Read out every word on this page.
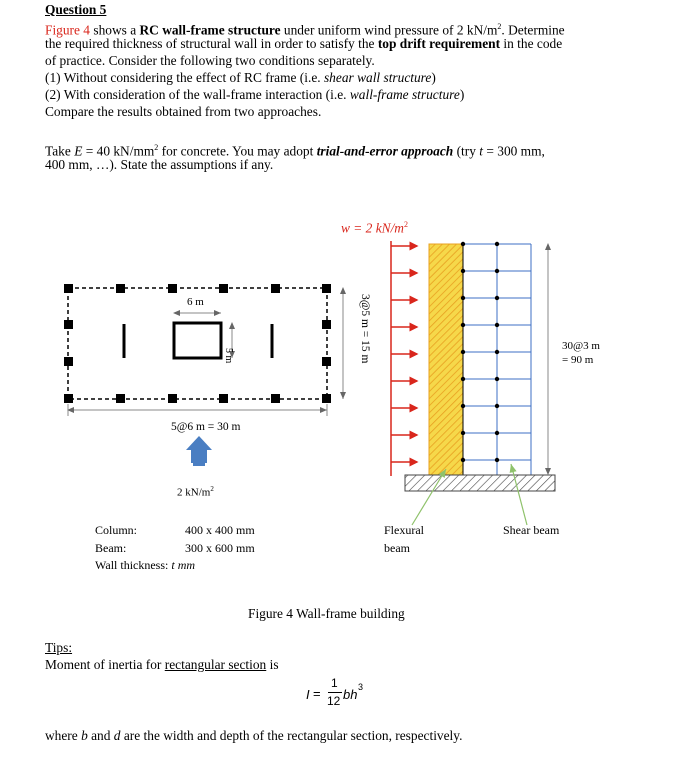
Question 5
Figure 4 shows a RC wall-frame structure under uniform wind pressure of 2 $kN/m^2$. Determine
the required thickness of structural wall in order to satisfy the top drift requirement in the code
of practice. Consider the following two conditions separately.
(1) Without considering the effect of RC frame (i.e. shear wall structure)
(2) With consideration of the wall-frame interaction (i.e. wall-frame structure)
Compare the results obtained from two approaches.
Take E = 40 $kN/mm^2$ for concrete. You may adopt trial-and-error approach (try t = 300 mm,
400 mm, …). State the assumptions if any.
w = 2 $kN/m^2$
6 m
5 m	3@5 m = 15 m
5@6 m = 30 m
2 $kN/m^2$
30@3 m
= 90 m
Column:	400 x 400 mm
Beam:	300 x 600 mm
Wall thickness: t mm
Flexural
beam
Shear beam
Figure 4 Wall-frame building
Tips:
Moment of inertia for rectangular section is
I =
1
12 bh 3
where b and d are the width and depth of the rectangular section, respectively.
